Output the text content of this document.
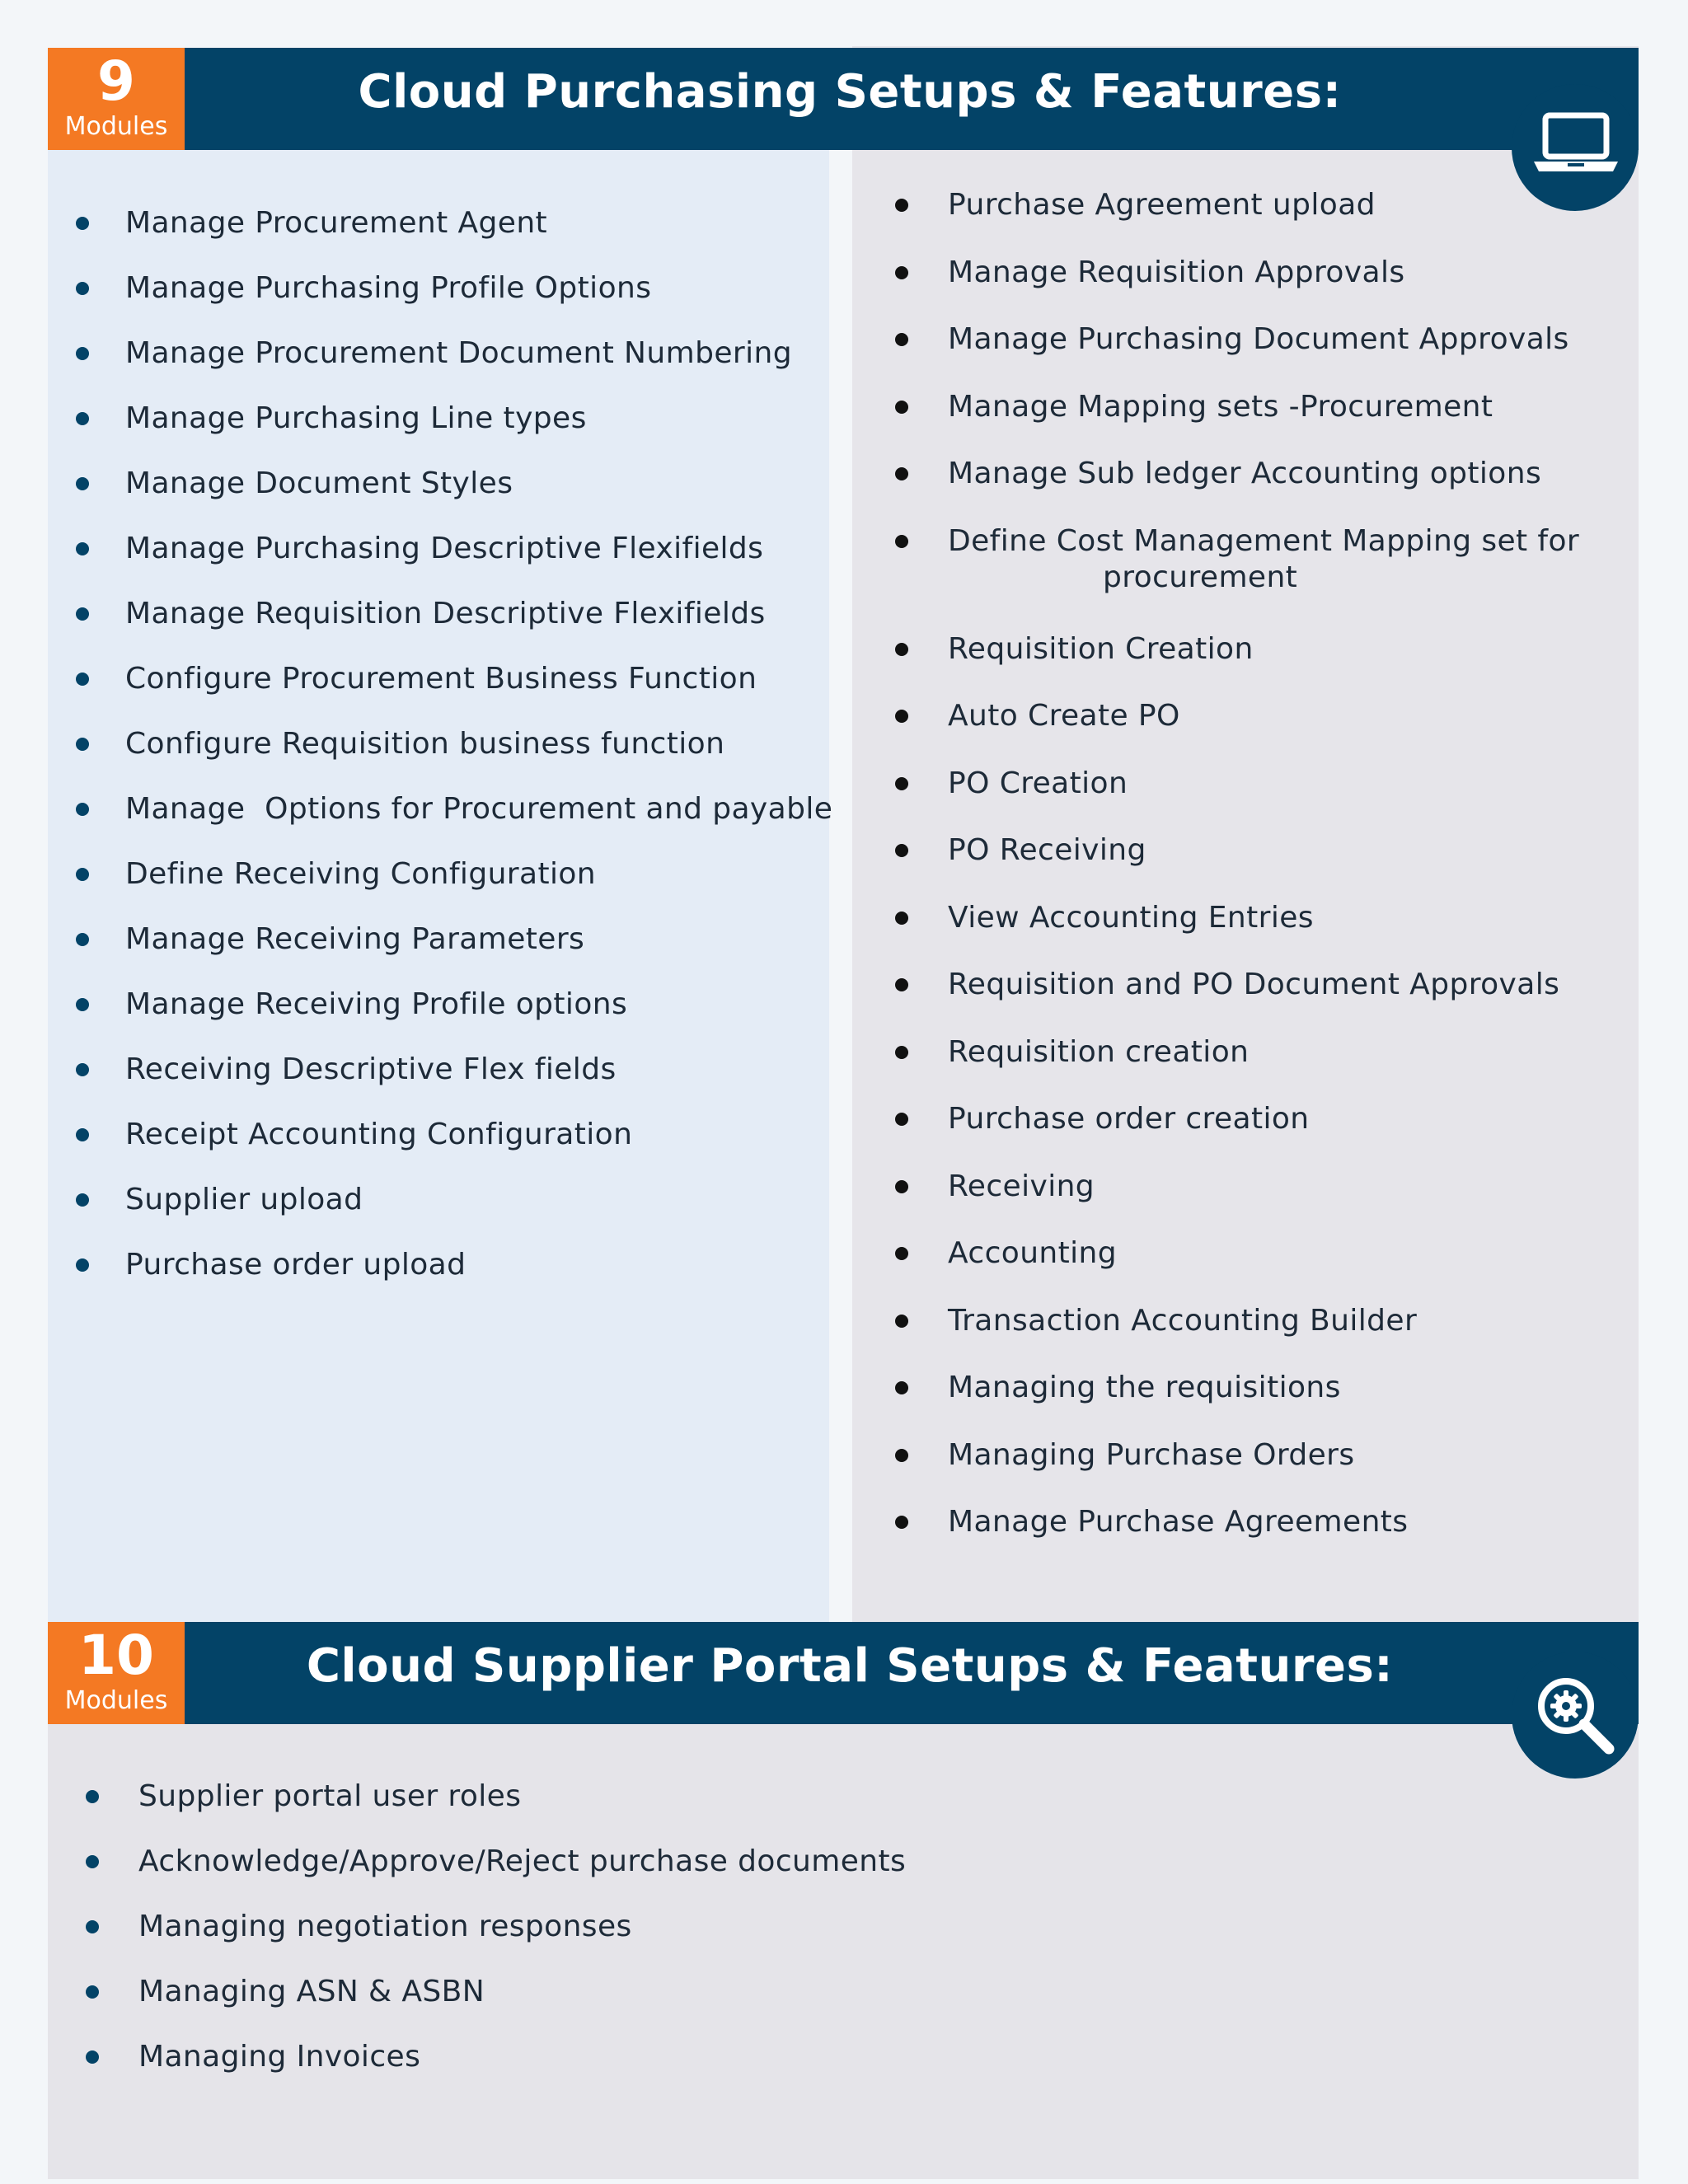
9
Modules
Cloud Purchasing Setups & Features:
Manage Procurement Agent
Manage Purchasing Profile Options
Manage Procurement Document Numbering
Manage Purchasing Line types
Manage Document Styles
Manage Purchasing Descriptive Flexifields
Manage Requisition Descriptive Flexifields
Configure Procurement Business Function
Configure Requisition business function
Manage  Options for Procurement and payable
Define Receiving Configuration
Manage Receiving Parameters
Manage Receiving Profile options
Receiving Descriptive Flex fields
Receipt Accounting Configuration
Supplier upload
Purchase order upload
Purchase Agreement upload
Manage Requisition Approvals
Manage Purchasing Document Approvals
Manage Mapping sets -Procurement
Manage Sub ledger Accounting options
Define Cost Management Mapping set for
procurement
Requisition Creation
Auto Create PO
PO Creation
PO Receiving
View Accounting Entries
Requisition and PO Document Approvals
Requisition creation
Purchase order creation
Receiving
Accounting
Transaction Accounting Builder
Managing the requisitions
Managing Purchase Orders
Manage Purchase Agreements
10
Modules
Cloud Supplier Portal Setups & Features:
Supplier portal user roles
Acknowledge/Approve/Reject purchase documents
Managing negotiation responses
Managing ASN & ASBN
Managing Invoices
